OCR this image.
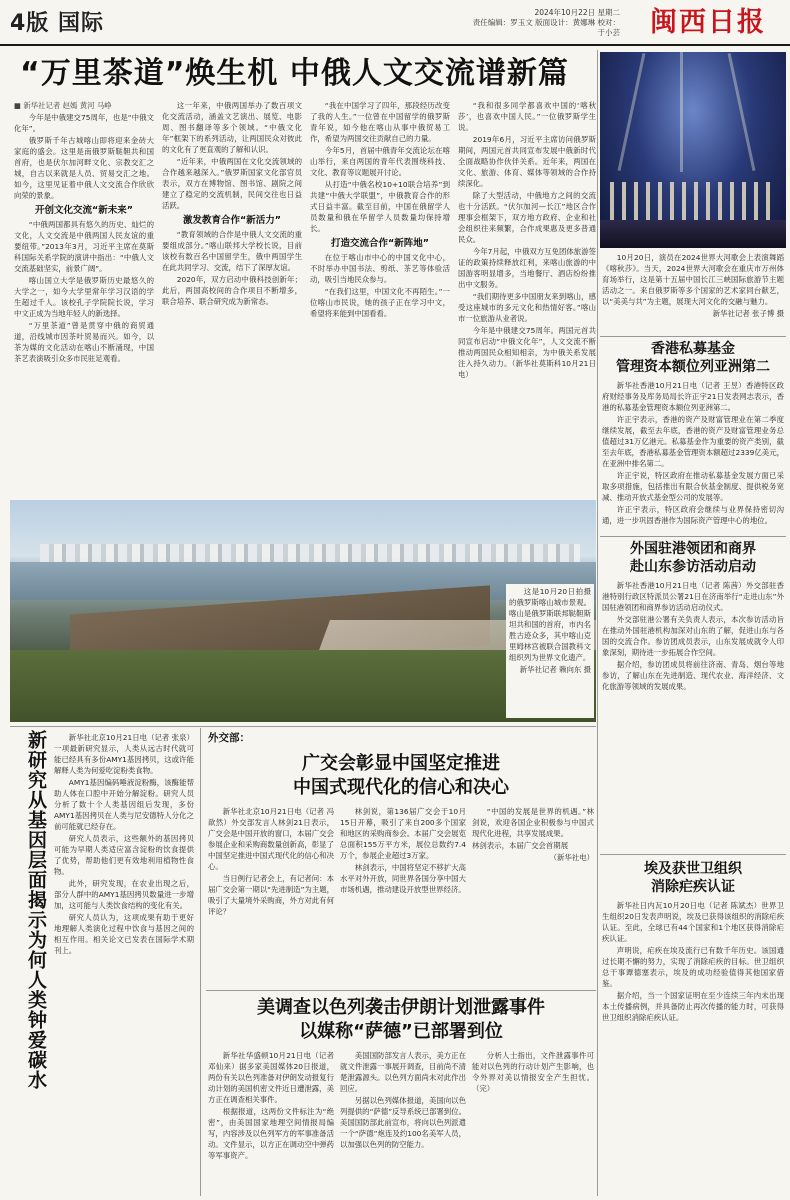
4版 国际	2024年10月22日 星期二
责任编辑：罗玉文 版面设计：黄娜琳 校对：于小芸	闽西日报
“万里茶道”焕生机 中俄人文交流谱新篇

■ 新华社记者 赵嫣 黄河 马峥

今年是中俄建交75周年，也是“中俄文化年”。

俄罗斯千年古城喀山即将迎来金砖大家庭的盛会。这里是南俄罗斯鞑靼共和国首府，也是伏尔加河畔文化、宗教交汇之城，自古以来就是人员、贸易交汇之地。如今，这里见证着中俄人文交流合作欣欣向荣的景象。

开创文化交流“新未来”

“中俄两国都具有悠久的历史、灿烂的文化，人文交流是中俄两国人民友谊的重要纽带。”2013年3月，习近平主席在莫斯科国际关系学院的演讲中指出：“中俄人文交流基础坚实，前景广阔”。

喀山国立大学是俄罗斯历史最悠久的大学之一，如今大学里常年学习汉语的学生超过千人。该校孔子学院院长说，学习中文正成为当地年轻人的新选择。

“万里茶道”曾是贯穿中俄的商贸通道，沿线城市因茶叶贸易而兴。如今，以茶为媒的文化活动在喀山不断涌现，中国茶艺表演吸引众多市民驻足观看。

这一年来，中俄两国举办了数百项文化交流活动，涵盖文艺演出、展览、电影周、图书翻译等多个领域。“中俄文化年”框架下的系列活动，让两国民众对彼此的文化有了更直观的了解和认识。

“近年来，中俄两国在文化交流领域的合作越来越深入。”俄罗斯国家文化部官员表示，双方在博物馆、图书馆、剧院之间建立了稳定的交流机制，民间交往也日益活跃。

激发教育合作“新活力”

“教育领域的合作是中俄人文交流的重要组成部分。”喀山联邦大学校长说，目前该校有数百名中国留学生，俄中两国学生在此共同学习、交流，结下了深厚友谊。

2020年，双方启动中俄科技创新年；此后，两国高校间的合作项目不断增多，联合培养、联合研究成为新常态。

“我在中国学习了四年，那段经历改变了我的人生。”一位曾在中国留学的俄罗斯青年说，如今他在喀山从事中俄贸易工作，希望为两国交往贡献自己的力量。

今年5月，首届中俄青年交流论坛在喀山举行，来自两国的青年代表围绕科技、文化、教育等议题展开讨论。

从打造“中俄名校10+10联合培养”到共建“中俄大学联盟”，中俄教育合作的形式日益丰富。截至目前，中国在俄留学人员数量和俄在华留学人员数量均保持增长。

打造交流合作“新阵地”

在位于喀山市中心的中国文化中心，不时举办中国书法、剪纸、茶艺等体验活动，吸引当地民众参与。

“在我们这里，中国文化不再陌生。”一位喀山市民说，她的孩子正在学习中文，希望将来能到中国看看。

“我和很多同学都喜欢中国的‘喀秋莎’，也喜欢中国人民。”一位俄罗斯学生说。

2019年6月，习近平主席访问俄罗斯期间，两国元首共同宣布发展中俄新时代全面战略协作伙伴关系。近年来，两国在文化、旅游、体育、媒体等领域的合作持续深化。

除了大型活动，中俄地方之间的交流也十分活跃。“伏尔加河—长江”地区合作理事会框架下，双方地方政府、企业和社会组织往来频繁，合作成果惠及更多普通民众。

今年7月起，中俄双方互免团体旅游签证的政策持续释放红利，来喀山旅游的中国游客明显增多，当地餐厅、酒店纷纷推出中文服务。

“我们期待更多中国朋友来到喀山，感受这座城市的多元文化和热情好客。”喀山市一位旅游从业者说。

今年是中俄建交75周年。两国元首共同宣布启动“中俄文化年”，人文交流不断推动两国民众相知相亲，为中俄关系发展注入持久动力。（新华社莫斯科10月21日电）

10月20日，演员在2024世界大河歌会上表演舞蹈《喀秋莎》。当天，2024世界大河歌会在重庆市万州体育场举行，这是第十五届中国长江三峡国际旅游节主题活动之一。来自俄罗斯等多个国家的艺术家同台献艺，以“美美与共”为主题，展现大河文化的交融与魅力。

新华社记者 张子博 摄

香港私募基金
管理资本额位列亚洲第二

新华社香港10月21日电（记者 王昱）香港特区政府财经事务及库务局局长许正宇21日发表网志表示，香港的私募基金管理资本额位列亚洲第二。

许正宇表示，香港的资产及财富管理业在第二季度继续发展，截至去年底，香港的资产及财富管理业务总值超过31万亿港元。私募基金作为重要的资产类别，截至去年底，香港私募基金管理资本额超过2339亿美元，在亚洲中排名第二。

许正宇说，特区政府在推动私募基金发展方面已采取多项措施，包括推出有限合伙基金制度、提供税务宽减、推动开放式基金型公司的发展等。

许正宇表示，特区政府会继续与业界保持密切沟通，进一步巩固香港作为国际资产管理中心的地位。

外国驻港领团和商界
赴山东参访活动启动

新华社香港10月21日电（记者 陈茜）外交部驻香港特别行政区特派员公署21日在济南举行“走进山东”外国驻港领团和商界参访活动启动仪式。

外交部驻港公署有关负责人表示，本次参访活动旨在推动外国驻港机构加深对山东的了解，促进山东与各国的交流合作。参访团成员表示，山东发展成就令人印象深刻，期待进一步拓展合作空间。

据介绍，参访团成员将前往济南、青岛、烟台等地参访，了解山东在先进制造、现代农业、海洋经济、文化旅游等领域的发展成果。

埃及获世卫组织
消除疟疾认证

新华社日内瓦10月20日电（记者 陈斌杰）世界卫生组织20日发表声明说，埃及已获得该组织的消除疟疾认证。至此，全球已有44个国家和1个地区获得消除疟疾认证。

声明说，疟疾在埃及流行已有数千年历史。该国通过长期不懈的努力，实现了消除疟疾的目标。世卫组织总干事谭德塞表示，埃及的成功经验值得其他国家借鉴。

据介绍，当一个国家证明在至少连续三年内未出现本土传播病例，并具备防止再次传播的能力时，可获得世卫组织消除疟疾认证。

这是10月20日拍摄的俄罗斯喀山城市景观。喀山是俄罗斯联邦鞑靼斯坦共和国的首府，市内名胜古迹众多，其中喀山克里姆林宫被联合国教科文组织列为世界文化遗产。

新华社记者 赖向东 摄

新研究从基因层面揭示为何人类钟爱碳水	新华社北京10月21日电（记者 张泉）一项最新研究显示，人类从远古时代就可能已经具有多份AMY1基因拷贝，这或许能解释人类为何爱吃淀粉类食物。

AMY1基因编码唾液淀粉酶，该酶能帮助人体在口腔中开始分解淀粉。研究人员分析了数十个人类基因组后发现，多份AMY1基因拷贝在人类与尼安德特人分化之前可能就已经存在。

研究人员表示，这些额外的基因拷贝可能为早期人类适应富含淀粉的饮食提供了优势，帮助他们更有效地利用植物性食物。

此外，研究发现，在农业出现之后，部分人群中的AMY1基因拷贝数量进一步增加，这可能与人类饮食结构的变化有关。

研究人员认为，这项成果有助于更好地理解人类演化过程中饮食与基因之间的相互作用。相关论文已发表在国际学术期刊上。

外交部：
广交会彰显中国坚定推进
中国式现代化的信心和决心

新华社北京10月21日电（记者 冯歆然）外交部发言人林剑21日表示，广交会是中国开放的窗口，本届广交会参展企业和采购商数量创新高，彰显了中国坚定推进中国式现代化的信心和决心。

当日例行记者会上，有记者问：本届广交会第一期以“先进制造”为主题，吸引了大量境外采购商，外方对此有何评论？

林剑说，第136届广交会于10月15日开幕，吸引了来自200多个国家和地区的采购商参会。本届广交会展览总面积155万平方米，展位总数约7.4万个，参展企业超过3万家。

林剑表示，中国将坚定不移扩大高水平对外开放，同世界各国分享中国大市场机遇，推动建设开放型世界经济。

“中国的发展是世界的机遇。”林剑说，欢迎各国企业积极参与中国式现代化进程，共享发展成果。

林剑表示，本届广交会首期展

（新华社电）

美调查以色列袭击伊朗计划泄露事件
以媒称“萨德”已部署到位

新华社华盛顿10月21日电（记者 邓仙来）据多家美国媒体20日报道，两份有关以色列准备对伊朗发动报复行动计划的美国机密文件近日遭泄露，美方正在调查相关事件。

根据报道，这两份文件标注为“绝密”，由美国国家地理空间情报局编写，内容涉及以色列军方的军事准备活动。文件显示，以方正在调动空中弹药等军事资产。

美国国防部发言人表示，美方正在就文件泄露一事展开调查，目前尚不清楚泄露源头。以色列方面尚未对此作出回应。

另据以色列媒体报道，美国向以色列提供的“萨德”反导系统已部署到位。美国国防部此前宣布，将向以色列派遣一个“萨德”炮连及约100名美军人员，以加强以色列的防空能力。

分析人士指出，文件泄露事件可能对以色列的行动计划产生影响，也令外界对美以情报安全产生担忧。（完）
